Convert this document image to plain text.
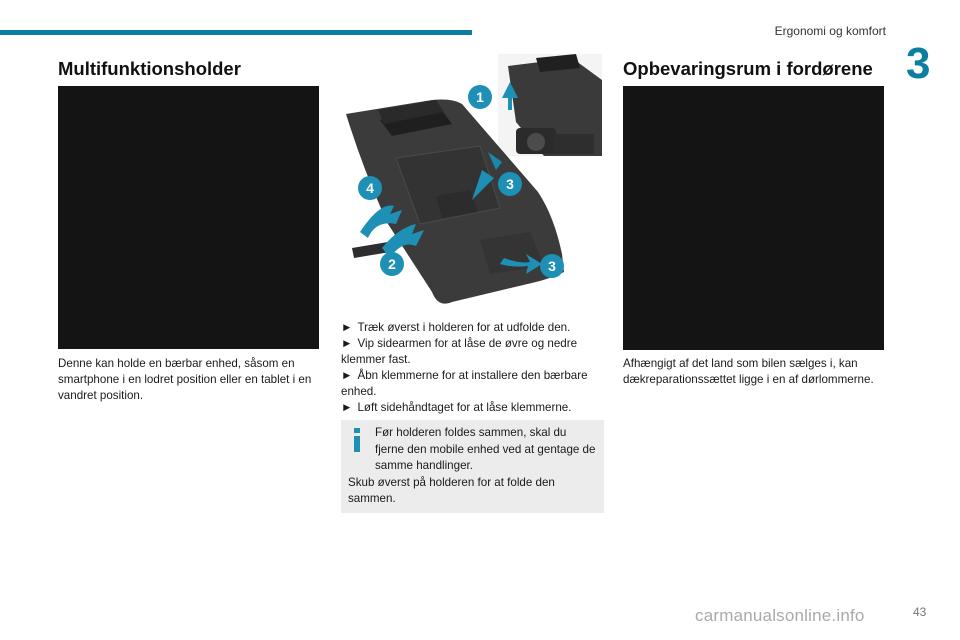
Ergonomi og komfort
3
Multifunktionsholder

Denne kan holde en bærbar enhed, såsom en smartphone i en lodret position eller en tablet i en vandret position.

1
2
3
3
4
► Træk øverst i holderen for at udfolde den.
► Vip sidearmen for at låse de øvre og nedre klemmer fast.
► Åbn klemmerne for at installere den bærbare enhed.
► Løft sidehåndtaget for at låse klemmerne.

Før holderen foldes sammen, skal du fjerne den mobile enhed ved at gentage de samme handlinger.
Skub øverst på holderen for at folde den sammen.

Opbevaringsrum i fordørene

Afhængigt af det land som bilen sælges i, kan dækreparationssættet ligge i en af dørlommerne.

carmanualsonline.info	43
